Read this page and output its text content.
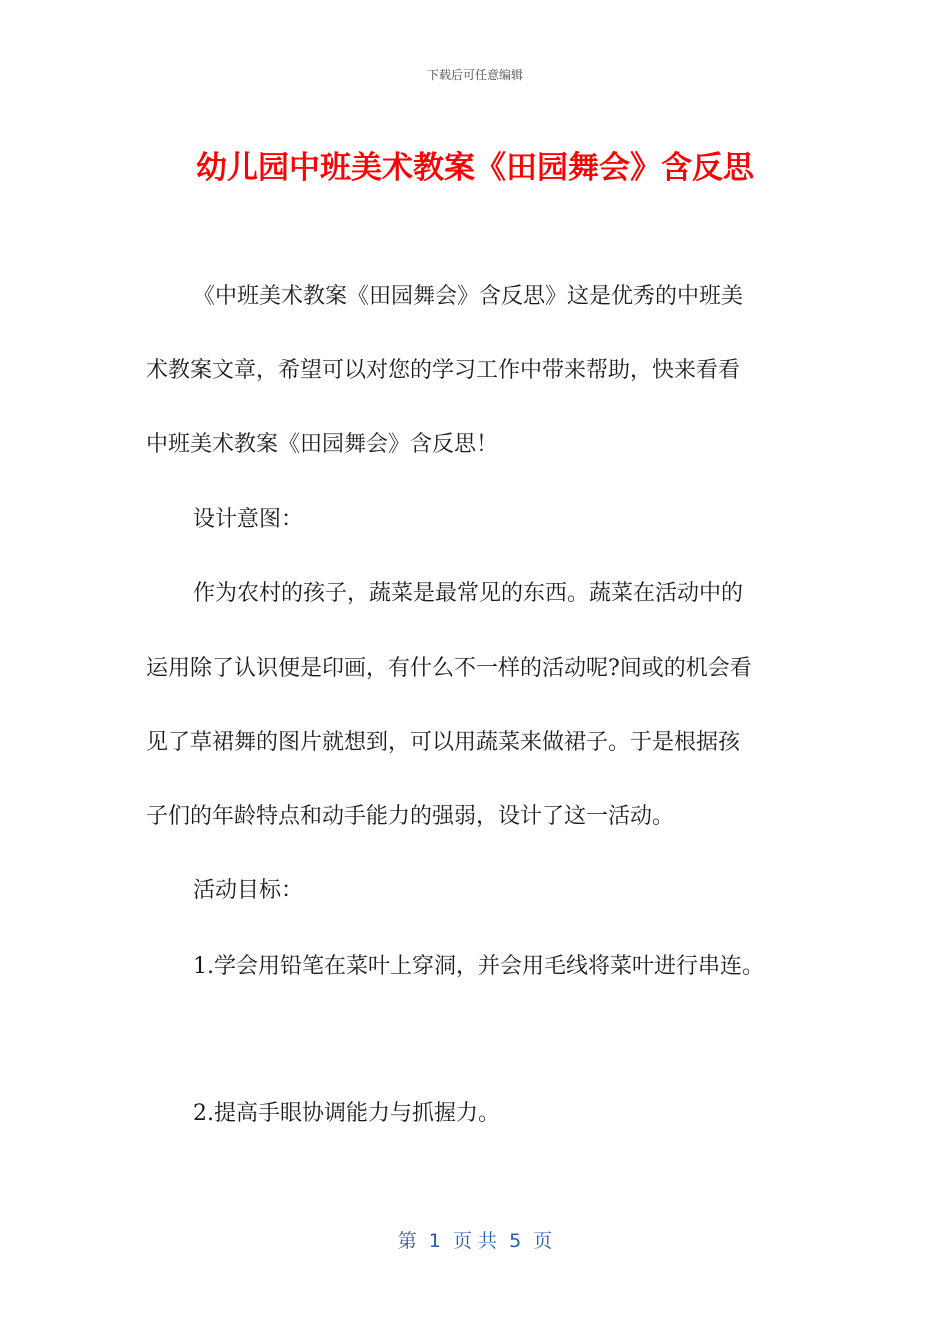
下载后可任意编辑
幼儿园中班美术教案《田园舞会》含反思
《中班美术教案《田园舞会》含反思》这是优秀的中班美
术教案文章，希望可以对您的学习工作中带来帮助，快来看看
中班美术教案《田园舞会》含反思！
设计意图：
作为农村的孩子，蔬菜是最常见的东西。蔬菜在活动中的
运用除了认识便是印画，有什么不一样的活动呢?间或的机会看
见了草裙舞的图片就想到，可以用蔬菜来做裙子。于是根据孩
子们的年龄特点和动手能力的强弱，设计了这一活动。
活动目标：
1.学会用铅笔在菜叶上穿洞，并会用毛线将菜叶进行串连。
2.提高手眼协调能力与抓握力。
第  1  页 共  5  页
